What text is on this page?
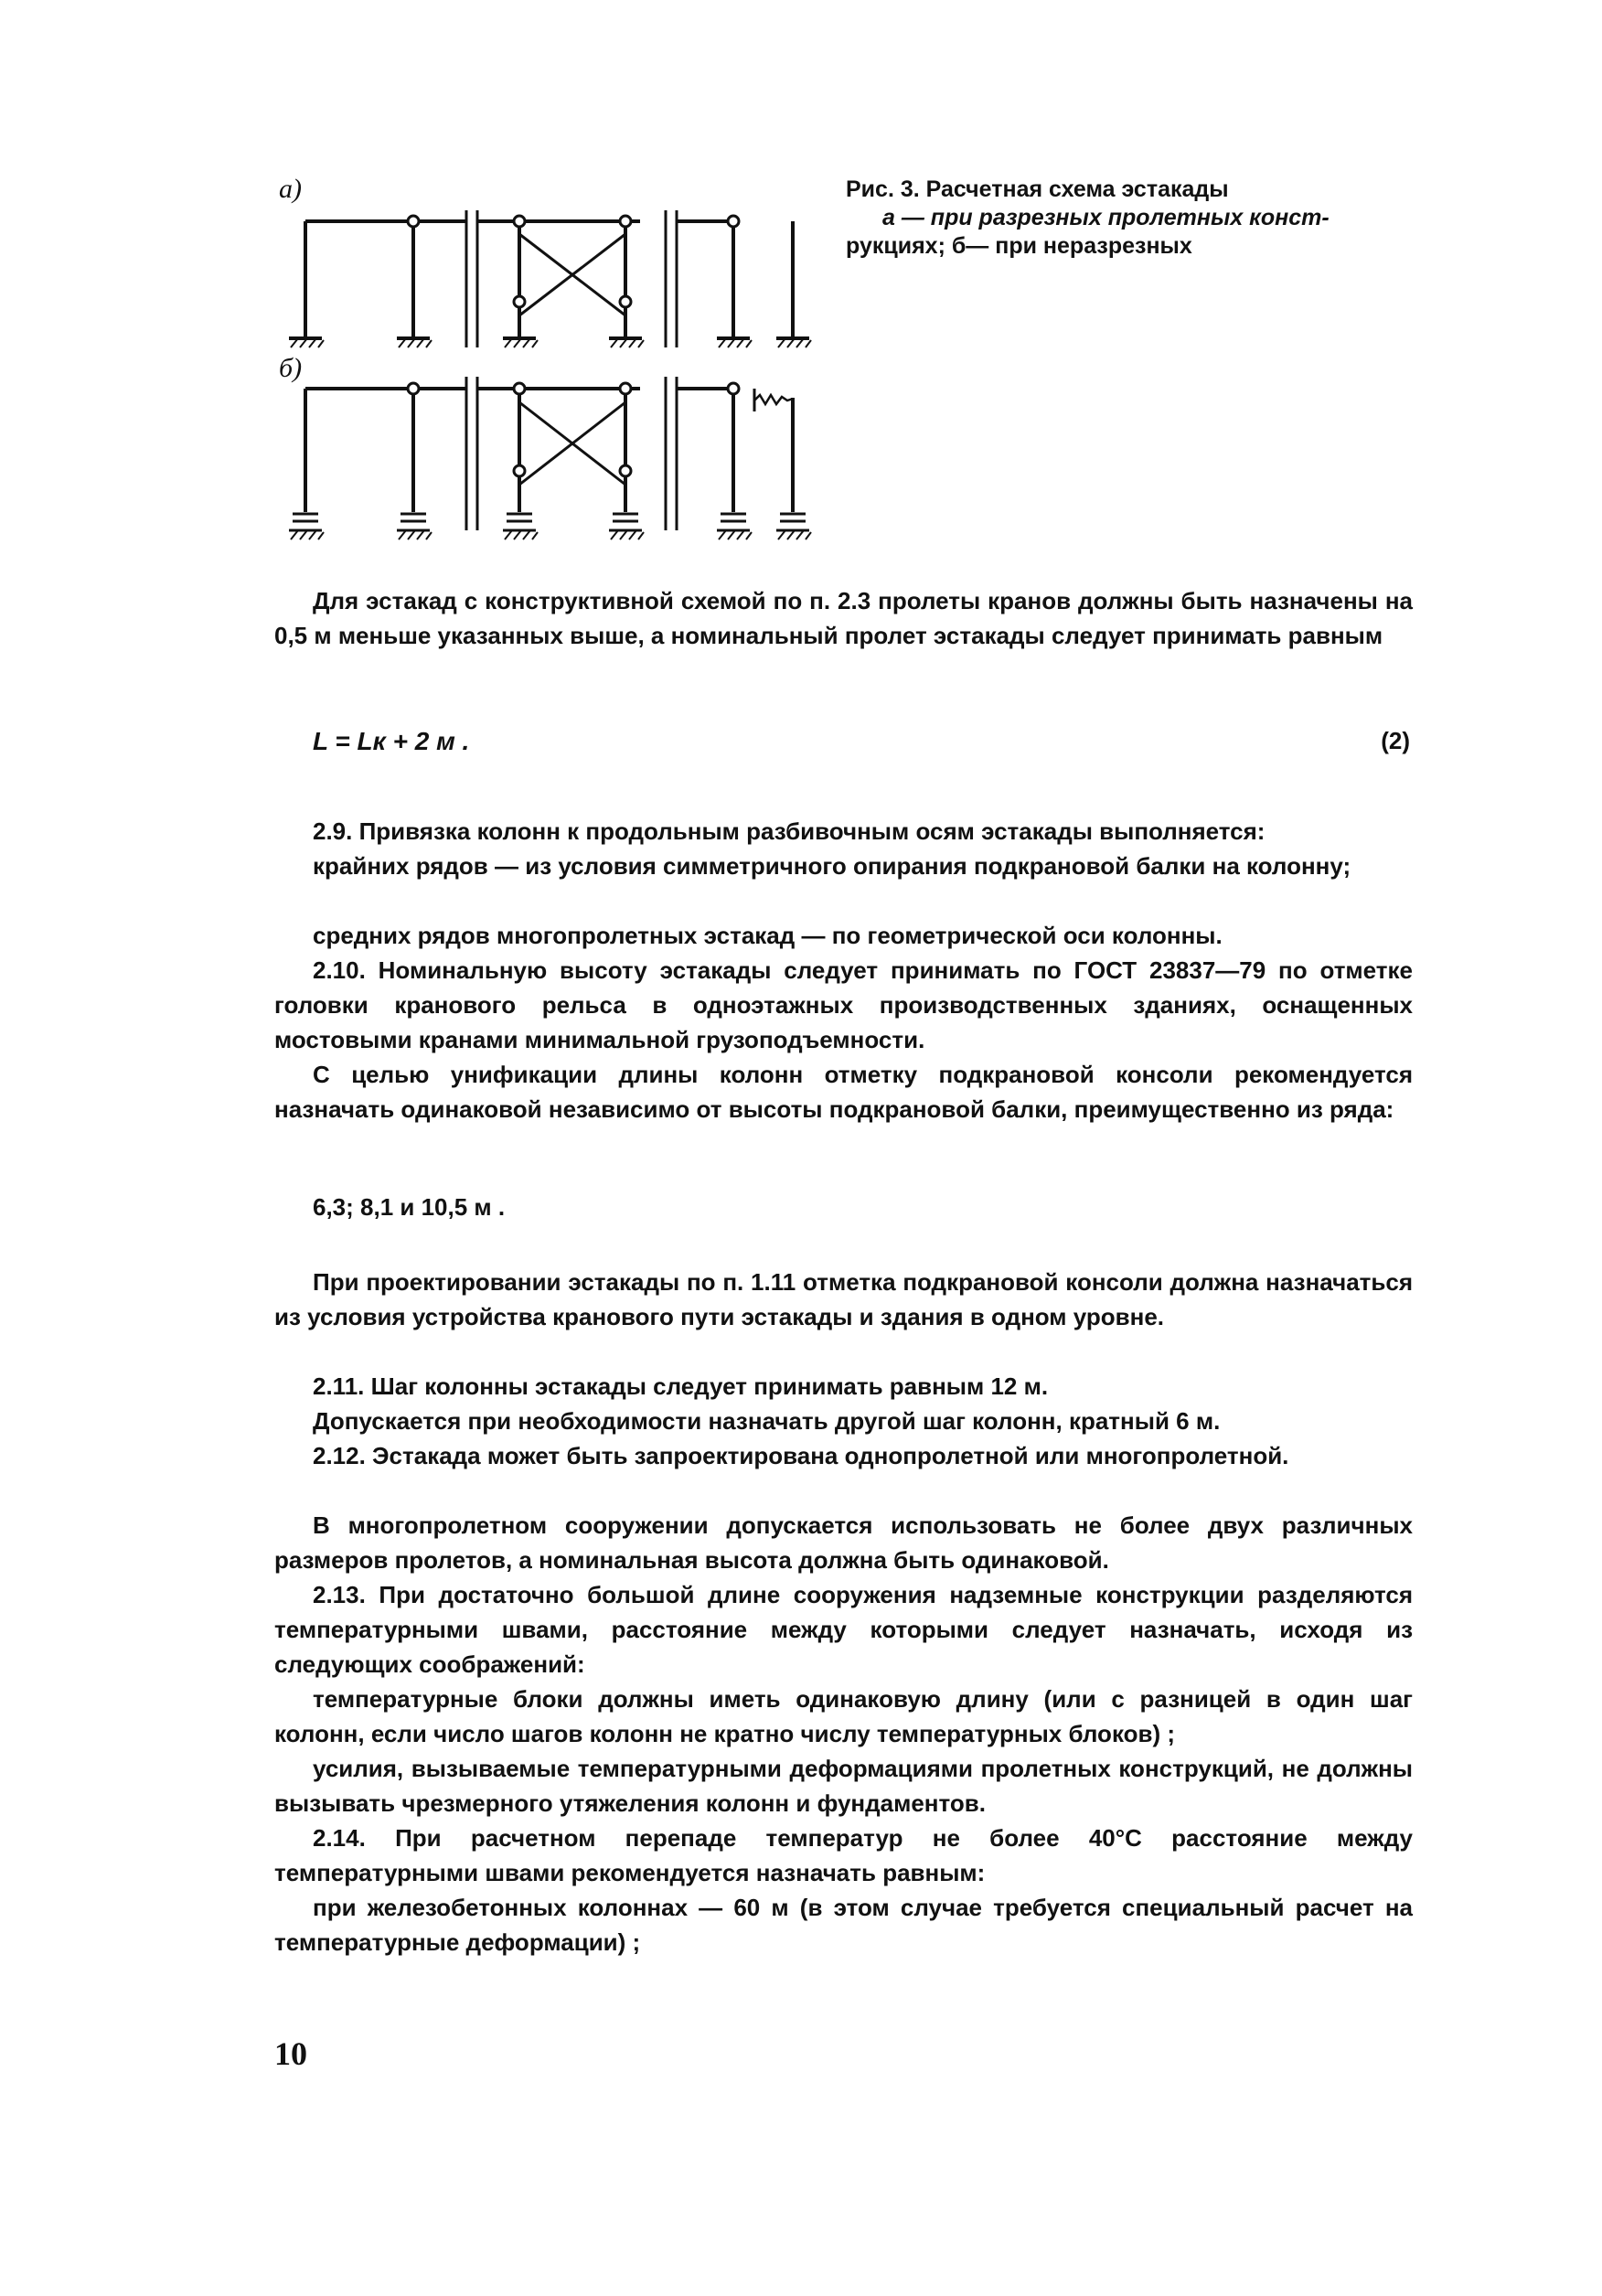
а)
б)
Рис. 3. Расчетная схема эстакады
а — при разрезных пролетных конст-
рукциях; б— при неразрезных
Для эстакад с конструктивной схемой по п. 2.3 пролеты кранов должны быть назначены на 0,5 м меньше указанных выше, а номинальный пролет эстакады следует принимать равным
L = Lк + 2 м .	(2)
2.9. Привязка колонн к продольным разбивочным осям эстакады выполняется:
крайних рядов — из условия симметричного опирания подкрановой балки на колонну;
средних рядов многопролетных эстакад — по геометрической оси колонны.
2.10. Номинальную высоту эстакады следует принимать по ГОСТ 23837—79 по отметке головки кранового рельса в одноэтажных производственных зданиях, оснащенных мостовыми кранами минимальной грузоподъемности.
С целью унификации длины колонн отметку подкрановой консоли рекомендуется назначать одинаковой независимо от высоты подкрановой балки, преимущественно из ряда:
6,3; 8,1 и 10,5 м .
При проектировании эстакады по п. 1.11 отметка подкрановой консоли должна назначаться из условия устройства кранового пути эстакады и здания в одном уровне.
2.11. Шаг колонны эстакады следует принимать равным 12 м.
Допускается при необходимости назначать другой шаг колонн, кратный 6 м.
2.12. Эстакада может быть запроектирована однопролетной или многопролетной.
В многопролетном сооружении допускается использовать не более двух различных размеров пролетов, а номинальная высота должна быть одинаковой.
2.13. При достаточно большой длине сооружения надземные конструкции разделяются температурными швами, расстояние между которыми следует назначать, исходя из следующих соображений:
температурные блоки должны иметь одинаковую длину (или с разницей в один шаг колонн, если число шагов колонн не кратно числу температурных блоков) ;
усилия, вызываемые температурными деформациями пролетных конструкций, не должны вызывать чрезмерного утяжеления колонн и фундаментов.
2.14. При расчетном перепаде температур не более 40°С расстояние между температурными швами рекомендуется назначать равным:
при железобетонных колоннах — 60 м (в этом случае требуется специальный расчет на температурные деформации) ;
10
